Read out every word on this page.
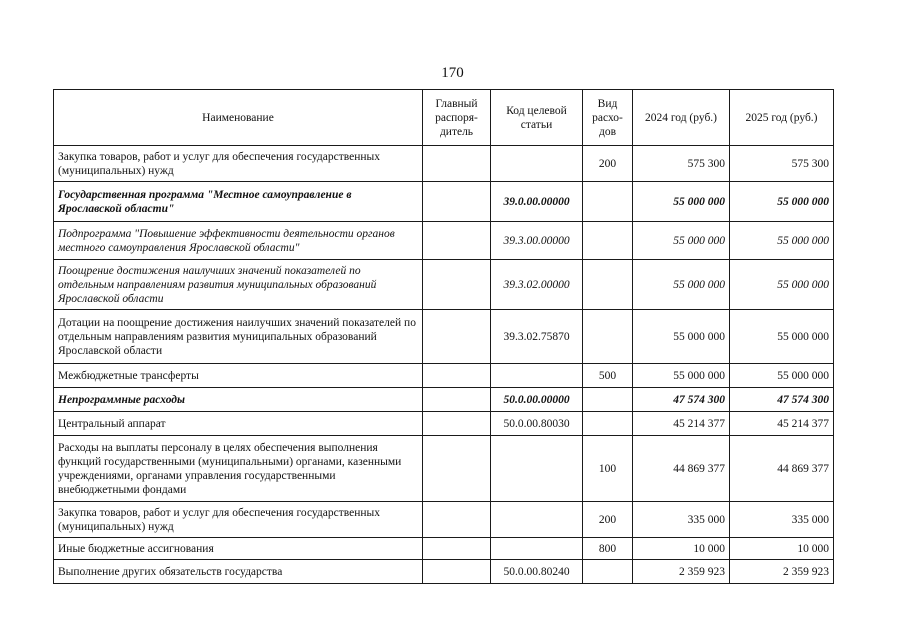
170
Наименование	Главный распоря-дитель	Код целевой статьи	Вид расхо-дов	2024 год (руб.)	2025 год (руб.)
Закупка товаров, работ и услуг для обеспечения государственных (муниципальных) нужд			200	575 300	575 300
Государственная программа "Местное самоуправление в Ярославской области"		39.0.00.00000		55 000 000	55 000 000
Подпрограмма "Повышение эффективности деятельности органов местного самоуправления Ярославской области"		39.3.00.00000		55 000 000	55 000 000
Поощрение достижения наилучших значений показателей по отдельным направлениям развития муниципальных образований Ярославской области		39.3.02.00000		55 000 000	55 000 000
Дотации на поощрение достижения наилучших значений показателей по отдельным направлениям развития муниципальных образований Ярославской области		39.3.02.75870		55 000 000	55 000 000
Межбюджетные трансферты			500	55 000 000	55 000 000
Непрограммные расходы		50.0.00.00000		47 574 300	47 574 300
Центральный аппарат		50.0.00.80030		45 214 377	45 214 377
Расходы на выплаты персоналу в целях обеспечения выполнения функций государственными (муниципальными) органами, казенными учреждениями, органами управления государственными внебюджетными фондами			100	44 869 377	44 869 377
Закупка товаров, работ и услуг для обеспечения государственных (муниципальных) нужд			200	335 000	335 000
Иные бюджетные ассигнования			800	10 000	10 000
Выполнение других обязательств государства		50.0.00.80240		2 359 923	2 359 923
